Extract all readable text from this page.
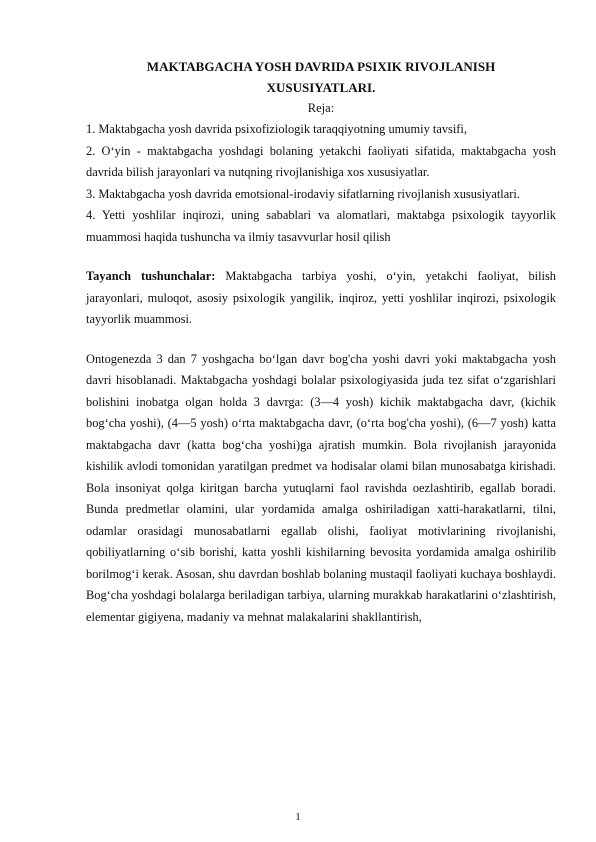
MAKTABGACHA YOSH DAVRIDA PSIXIK RIVOJLANISH
XUSUSIYATLARI.
Reja:

1. Maktabgacha yosh davrida psixofiziologik taraqqiyotning umumiy tavsifi,

2. O‘yin - maktabgacha yoshdagi bolaning yetakchi faoliyati sifatida, maktabgacha yosh davrida bilish jarayonlari va nutqning rivojlanishiga xos xususiyatlar.

3. Maktabgacha yosh davrida emotsional-irodaviy sifatlarning rivojlanish xususiyatlari.

4. Yetti yoshlilar inqirozi, uning sabablari va alomatlari, maktabga psixologik tayyorlik muammosi haqida tushuncha va ilmiy tasavvurlar hosil qilish

Tayanch tushunchalar: Maktabgacha tarbiya yoshi, o‘yin, yetakchi faoliyat, bilish jarayonlari, muloqot, asosiy psixologik yangilik, inqiroz, yetti yoshlilar inqirozi, psixologik tayyorlik muammosi.

Ontogenezda 3 dan 7 yoshgacha bo‘lgan davr bog'cha yoshi davri yoki maktabgacha yosh davri hisoblanadi. Maktabgacha yoshdagi bolalar psixologiyasida juda tez sifat o‘zgarishlari bolishini inobatga olgan holda 3 davrga: (3—4 yosh) kichik maktabgacha davr, (kichik bog‘cha yoshi), (4—5 yosh) o‘rta maktabgacha davr, (o‘rta bog'cha yoshi), (6—7 yosh) katta maktabgacha davr (katta bog‘cha yoshi)ga ajratish mumkin. Bola rivojlanish jarayonida kishilik avlodi tomonidan yaratilgan predmet va hodisalar olami bilan munosabatga kirishadi. Bola insoniyat qolga kiritgan barcha yutuqlarni faol ravishda oezlashtirib, egallab boradi. Bunda predmetlar olamini, ular yordamida amalga oshiriladigan xatti-harakatlarni, tilni, odamlar orasidagi munosabatlarni egallab olishi, faoliyat motivlarining rivojlanishi, qobiliyatlarning o‘sib borishi, katta yoshli kishilarning bevosita yordamida amalga oshirilib borilmog‘i kerak. Asosan, shu davrdan boshlab bolaning mustaqil faoliyati kuchaya boshlaydi. Bog‘cha yoshdagi bolalarga beriladigan tarbiya, ularning murakkab harakatlarini o‘zlashtirish, elementar gigiyena, madaniy va mehnat malakalarini shakllantirish,

1
